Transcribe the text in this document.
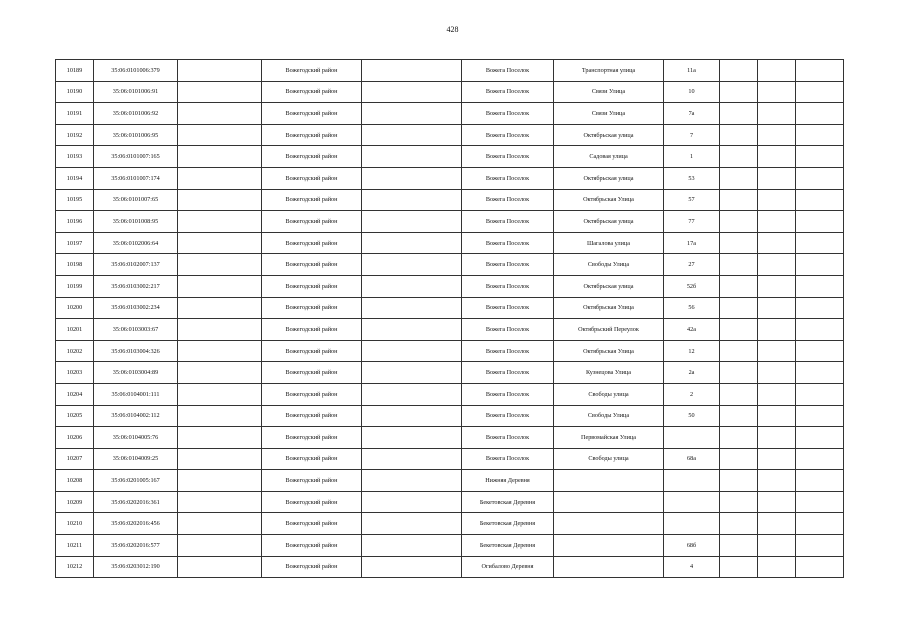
428
10189	35:06:0101006:379		Вожегодский район		Вожега Поселок	Транспортная улица	11а			
10190	35:06:0101006:91		Вожегодский район		Вожега Поселок	Связи Улица	10			
10191	35:06:0101006:92		Вожегодский район		Вожега Поселок	Связи Улица	7а			
10192	35:06:0101006:95		Вожегодский район		Вожега Поселок	Октябрьская улица	7			
10193	35:06:0101007:165		Вожегодский район		Вожега Поселок	Садовая улица	1			
10194	35:06:0101007:174		Вожегодский район		Вожега Поселок	Октябрьская улица	53			
10195	35:06:0101007:65		Вожегодский район		Вожега Поселок	Октябрьская Улица	57			
10196	35:06:0101008:95		Вожегодский район		Вожега Поселок	Октябрьская улица	77			
10197	35:06:0102006:64		Вожегодский район		Вожега Поселок	Шагалова улица	17а			
10198	35:06:0102007:137		Вожегодский район		Вожега Поселок	Свободы Улица	27			
10199	35:06:0103002:217		Вожегодский район		Вожега Поселок	Октябрьская улица	52б			
10200	35:06:0103002:234		Вожегодский район		Вожега Поселок	Октябрьская Улица	56			
10201	35:06:0103003:67		Вожегодский район		Вожега Поселок	Октябрьский Переулок	42а			
10202	35:06:0103004:326		Вожегодский район		Вожега Поселок	Октябрьская Улица	12			
10203	35:06:0103004:89		Вожегодский район		Вожега Поселок	Кузнецова Улица	2а			
10204	35:06:0104001:111		Вожегодский район		Вожега Поселок	Свободы улица	2			
10205	35:06:0104002:112		Вожегодский район		Вожега Поселок	Свободы Улица	50			
10206	35:06:0104005:76		Вожегодский район		Вожега Поселок	Первомайская Улица				
10207	35:06:0104009:25		Вожегодский район		Вожега Поселок	Свободы улица	68а			
10208	35:06:0201005:167		Вожегодский район		Нижняя Деревня					
10209	35:06:0202016:361		Вожегодский район		Бекетовская Деревня					
10210	35:06:0202016:456		Вожегодский район		Бекетовская Деревня					
10211	35:06:0202016:577		Вожегодский район		Бекетовская Деревня		68б			
10212	35:06:0203012:190		Вожегодский район		Огибалово Деревня		4			
